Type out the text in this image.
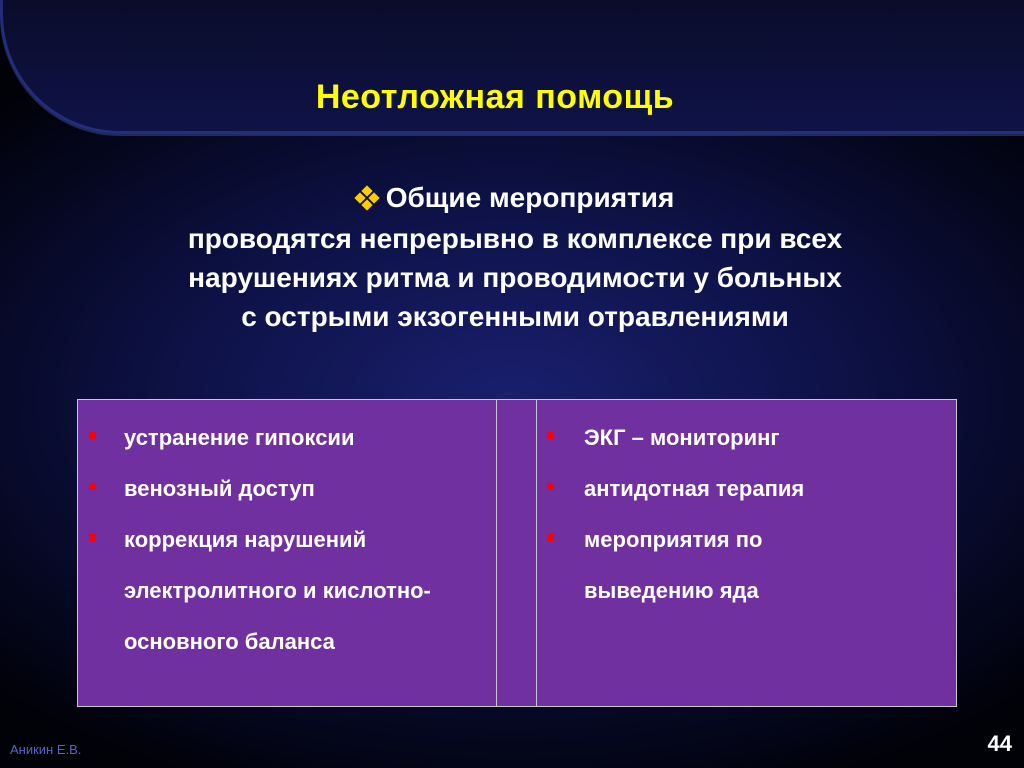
Неотложная помощь
Общие мероприятия
проводятся непрерывно в комплексе при всех
нарушениях ритма и проводимости у больных
с острыми экзогенными отравлениями
устранение гипоксии
венозный доступ
коррекция нарушений электролитного и кислотно-основного баланса
ЭКГ – мониторинг
антидотная терапия
мероприятия по выведению яда
Аникин Е.В.	44
